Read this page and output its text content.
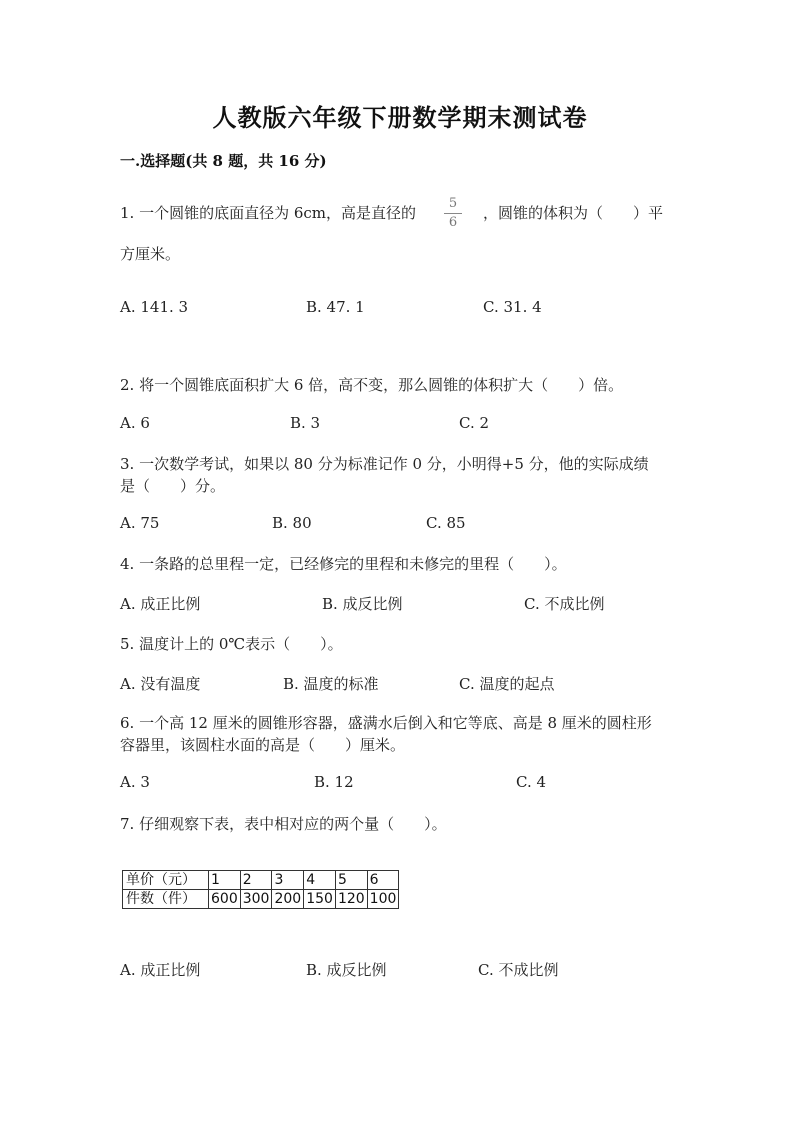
人教版六年级下册数学期末测试卷
一.选择题(共 8 题，共 16 分)
1. 一个圆锥的底面直径为 6cm，高是直径的
5
6
，圆锥的体积为（　　）平
方厘米。
A. 141. 3	B. 47. 1	C. 31. 4
2. 将一个圆锥底面积扩大 6 倍，高不变，那么圆锥的体积扩大（　　）倍。
A. 6	B. 3	C. 2
3. 一次数学考试，如果以 80 分为标准记作 0 分，小明得+5 分，他的实际成绩
是（　　）分。
A. 75	B. 80	C. 85
4. 一条路的总里程一定，已经修完的里程和未修完的里程（　　）。
A. 成正比例	B. 成反比例	C. 不成比例
5. 温度计上的 0℃表示（　　）。
A. 没有温度	B. 温度的标准	C. 温度的起点
6. 一个高 12 厘米的圆锥形容器，盛满水后倒入和它等底、高是 8 厘米的圆柱形
容器里，该圆柱水面的高是（　　）厘米。
A. 3	B. 12	C. 4
7. 仔细观察下表，表中相对应的两个量（　　）。
单价（元）	1	2	3	4	5	6
件数（件）	600	300	200	150	120	100
A. 成正比例	B. 成反比例	C. 不成比例
